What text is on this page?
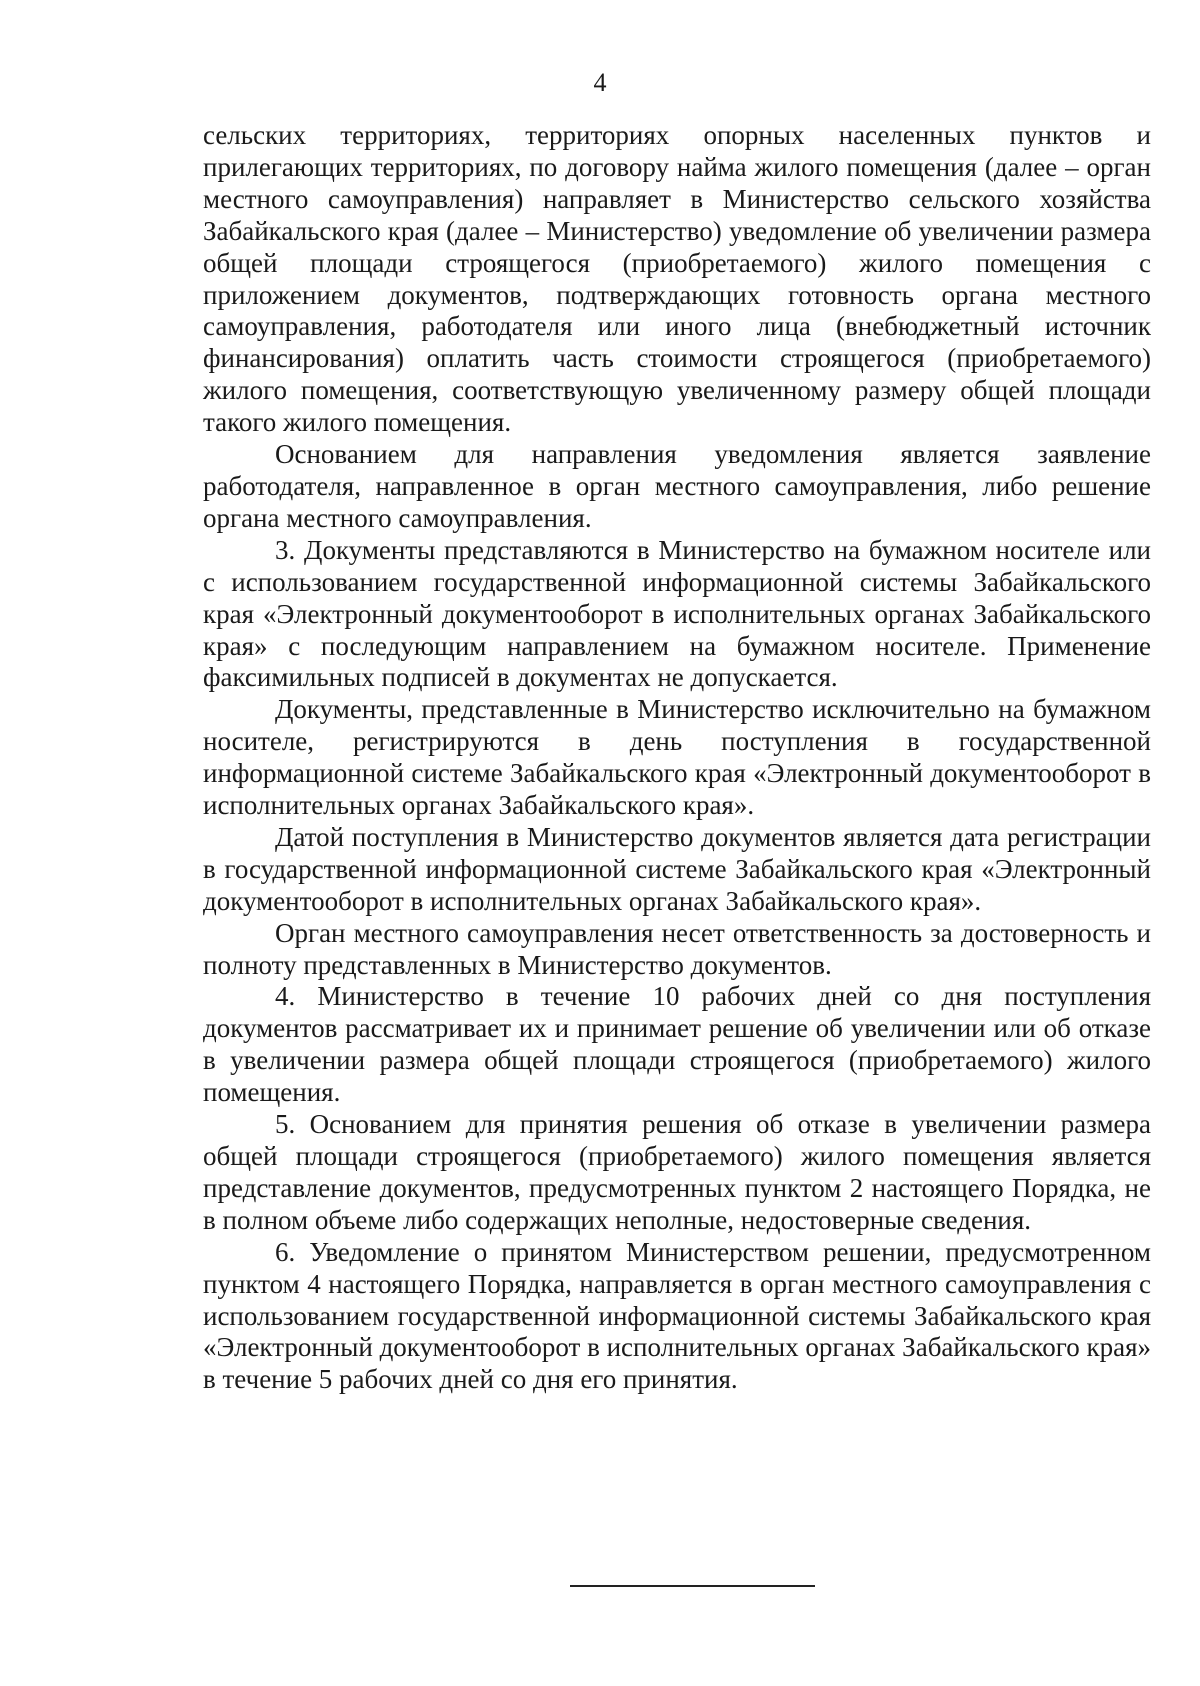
4

сельских территориях, территориях опорных населенных пунктов и прилегающих территориях, по договору найма жилого помещения (далее – орган местного самоуправления) направляет в Министерство сельского хозяйства Забайкальского края (далее – Министерство) уведомление об увеличении размера общей площади строящегося (приобретаемого) жилого помещения с приложением документов, подтверждающих готовность органа местного самоуправления, работодателя или иного лица (внебюджетный источник финансирования) оплатить часть стоимости строящегося (приобретаемого) жилого помещения, соответствующую увеличенному размеру общей площади такого жилого помещения.

Основанием для направления уведомления является заявление работодателя, направленное в орган местного самоуправления, либо решение органа местного самоуправления.

3. Документы представляются в Министерство на бумажном носителе или с использованием государственной информационной системы Забайкальского края «Электронный документооборот в исполнительных органах Забайкальского края» с последующим направлением на бумажном носителе. Применение факсимильных подписей в документах не допускается.

Документы, представленные в Министерство исключительно на бумажном носителе, регистрируются в день поступления в государственной информационной системе Забайкальского края «Электронный документооборот в исполнительных органах Забайкальского края».

Датой поступления в Министерство документов является дата регистрации в государственной информационной системе Забайкальского края «Электронный документооборот в исполнительных органах Забайкальского края».

Орган местного самоуправления несет ответственность за достоверность и полноту представленных в Министерство документов.

4. Министерство в течение 10 рабочих дней со дня поступления документов рассматривает их и принимает решение об увеличении или об отказе в увеличении размера общей площади строящегося (приобретаемого) жилого помещения.

5. Основанием для принятия решения об отказе в увеличении размера общей площади строящегося (приобретаемого) жилого помещения является представление документов, предусмотренных пунктом 2 настоящего Порядка, не в полном объеме либо содержащих неполные, недостоверные сведения.

6. Уведомление о принятом Министерством решении, предусмотренном пунктом 4 настоящего Порядка, направляется в орган местного самоуправления с использованием государственной информационной системы Забайкальского края «Электронный документооборот в исполнительных органах Забайкальского края» в течение 5 рабочих дней со дня его принятия.
